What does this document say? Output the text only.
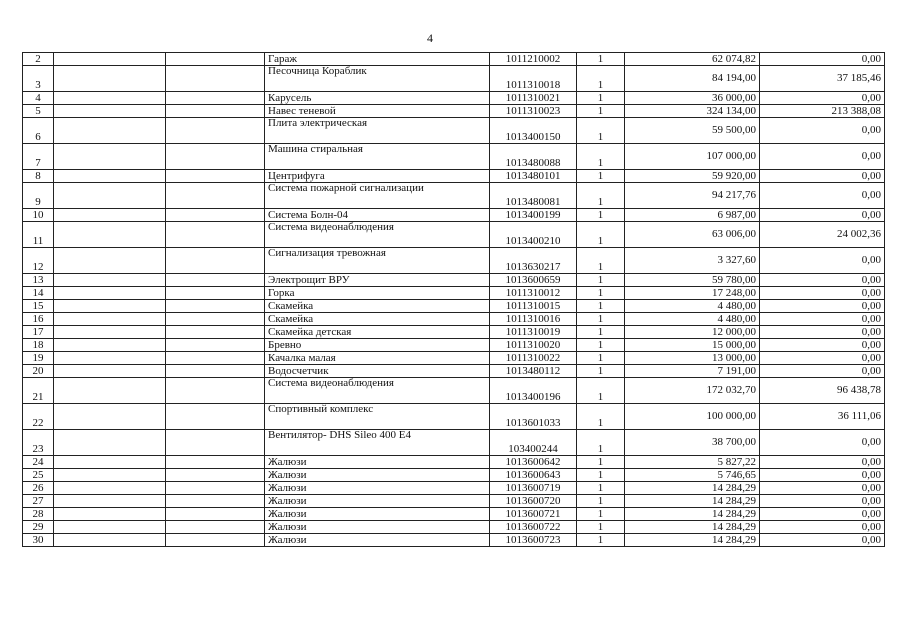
4
2			Гараж	1011210002	1	62 074,82	0,00
3			Песочница Кораблик	1011310018	1	84 194,00	37 185,46
4			Карусель	1011310021	1	36 000,00	0,00
5			Навес теневой	1011310023	1	324 134,00	213 388,08
6			Плита электрическая	1013400150	1	59 500,00	0,00
7			Машина стиральная	1013480088	1	107 000,00	0,00
8			Центрифуга	1013480101	1	59 920,00	0,00
9			Система пожарной сигнализации	1013480081	1	94 217,76	0,00
10			Система Болн-04	1013400199	1	6 987,00	0,00
11			Система видеонаблюдения	1013400210	1	63 006,00	24 002,36
12			Сигнализация тревожная	1013630217	1	3 327,60	0,00
13			Электрощит ВРУ	1013600659	1	59 780,00	0,00
14			Горка	1011310012	1	17 248,00	0,00
15			Скамейка	1011310015	1	4 480,00	0,00
16			Скамейка	1011310016	1	4 480,00	0,00
17			Скамейка детская	1011310019	1	12 000,00	0,00
18			Бревно	1011310020	1	15 000,00	0,00
19			Качалка малая	1011310022	1	13 000,00	0,00
20			Водосчетчик	1013480112	1	7 191,00	0,00
21			Система видеонаблюдения	1013400196	1	172 032,70	96 438,78
22			Спортивный комплекс	1013601033	1	100 000,00	36 111,06
23			Вентилятор- DHS Sileo 400 E4	103400244	1	38 700,00	0,00
24			Жалюзи	1013600642	1	5 827,22	0,00
25			Жалюзи	1013600643	1	5 746,65	0,00
26			Жалюзи	1013600719	1	14 284,29	0,00
27			Жалюзи	1013600720	1	14 284,29	0,00
28			Жалюзи	1013600721	1	14 284,29	0,00
29			Жалюзи	1013600722	1	14 284,29	0,00
30			Жалюзи	1013600723	1	14 284,29	0,00
